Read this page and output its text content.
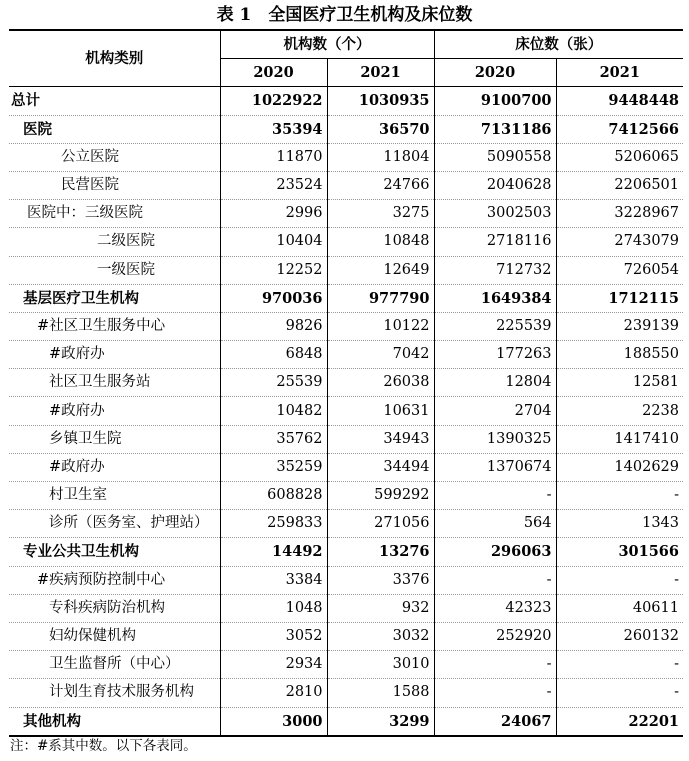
表 1　全国医疗卫生机构及床位数
机构类别	机构数（个）		床位数（张）	
	2020	2021	2020	2021
总计	1022922	1030935	9100700	9448448
医院	35394	36570	7131186	7412566
公立医院	11870	11804	5090558	5206065
民营医院	23524	24766	2040628	2206501
医院中：三级医院	2996	3275	3002503	3228967
二级医院	10404	10848	2718116	2743079
一级医院	12252	12649	712732	726054
基层医疗卫生机构	970036	977790	1649384	1712115
#社区卫生服务中心	9826	10122	225539	239139
#政府办	6848	7042	177263	188550
社区卫生服务站	25539	26038	12804	12581
#政府办	10482	10631	2704	2238
乡镇卫生院	35762	34943	1390325	1417410
#政府办	35259	34494	1370674	1402629
村卫生室	608828	599292	-	-
诊所（医务室、护理站）	259833	271056	564	1343
专业公共卫生机构	14492	13276	296063	301566
#疾病预防控制中心	3384	3376	-	-
专科疾病防治机构	1048	932	42323	40611
妇幼保健机构	3052	3032	252920	260132
卫生监督所（中心）	2934	3010	-	-
计划生育技术服务机构	2810	1588	-	-
其他机构	3000	3299	24067	22201
注：#系其中数。以下各表同。
